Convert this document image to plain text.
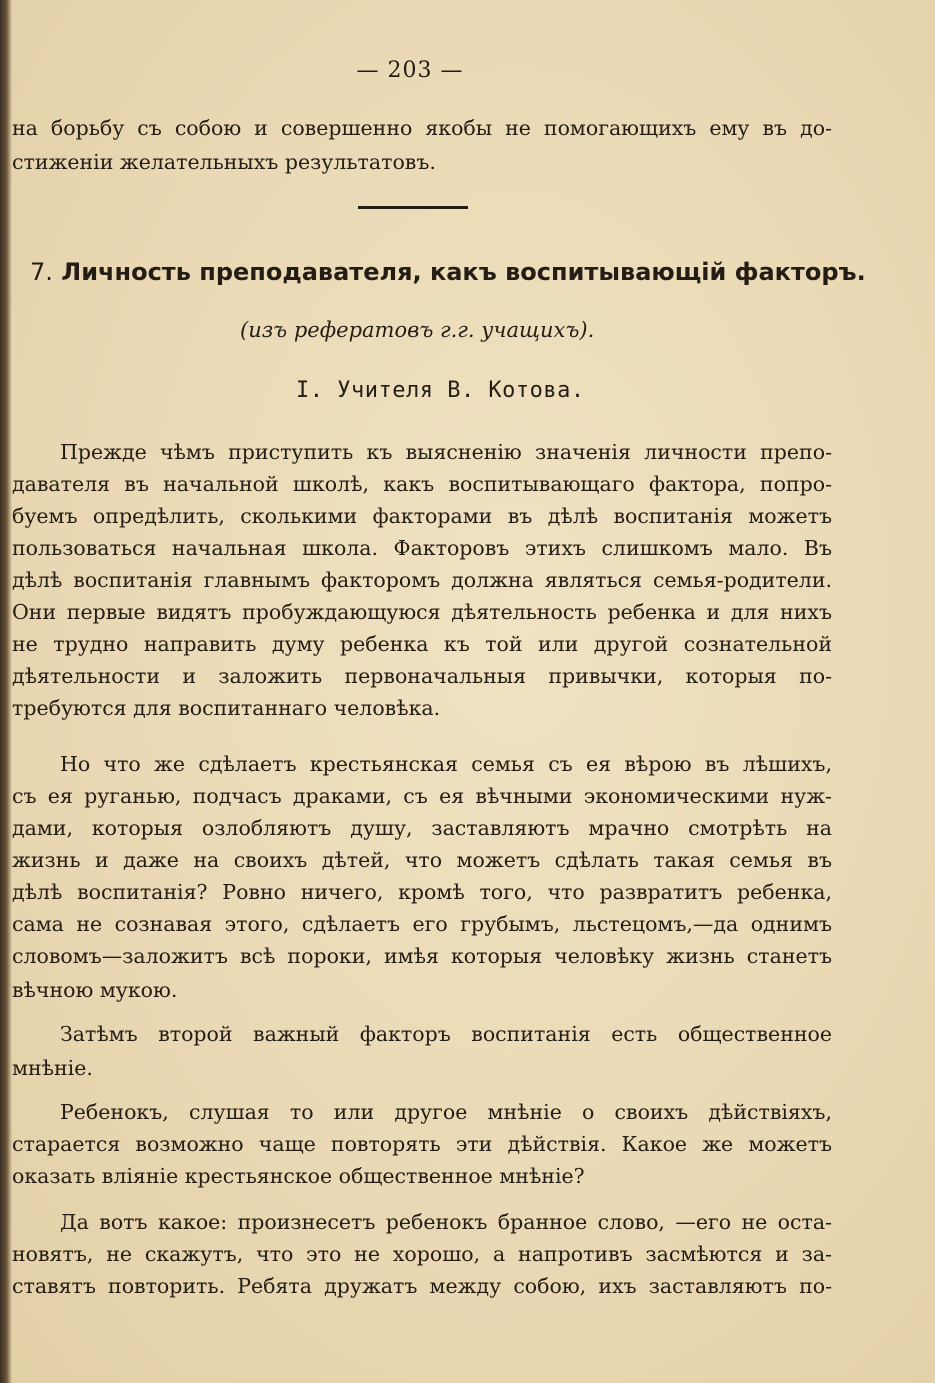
— 203 —
на борьбу съ собою и совершенно якобы не помогающихъ ему въ до-
стиженіи желательныхъ результатовъ.
7. Личность преподавателя, какъ воспитывающій факторъ.
(изъ рефератовъ г.г. учащихъ).
I. Учителя В. Котова.
Прежде чѣмъ приступить къ выясненію значенія личности препо-
давателя въ начальной школѣ, какъ воспитывающаго фактора, попро-
буемъ опредѣлить, сколькими факторами въ дѣлѣ воспитанія можетъ
пользоваться начальная школа. Факторовъ этихъ слишкомъ мало. Въ
дѣлѣ воспитанія главнымъ факторомъ должна являться семья-родители.
Они первые видятъ пробуждающуюся дѣятельность ребенка и для нихъ
не трудно направить думу ребенка къ той или другой сознательной
дѣятельности и заложить первоначальныя привычки, которыя по-
требуются для воспитаннаго человѣка.
Но что же сдѣлаетъ крестьянская семья съ ея вѣрою въ лѣшихъ,
съ ея руганью, подчасъ драками, съ ея вѣчными экономическими нуж-
дами, которыя озлобляютъ душу, заставляютъ мрачно смотрѣть на
жизнь и даже на своихъ дѣтей, что можетъ сдѣлать такая семья въ
дѣлѣ воспитанія? Ровно ничего, кромѣ того, что развратитъ ребенка,
сама не сознавая этого, сдѣлаетъ его грубымъ, льстецомъ,—да однимъ
словомъ—заложитъ всѣ пороки, имѣя которыя человѣку жизнь станетъ
вѣчною мукою.
Затѣмъ второй важный факторъ воспитанія есть общественное
мнѣніе.
Ребенокъ, слушая то или другое мнѣніе о своихъ дѣйствіяхъ,
старается возможно чаще повторять эти дѣйствія. Какое же можетъ
оказать вліяніе крестьянское общественное мнѣніе?
Да вотъ какое: произнесетъ ребенокъ бранное слово, —его не оста-
новятъ, не скажутъ, что это не хорошо, а напротивъ засмѣются и за-
ставятъ повторить. Ребята дружатъ между собою, ихъ заставляютъ по-
